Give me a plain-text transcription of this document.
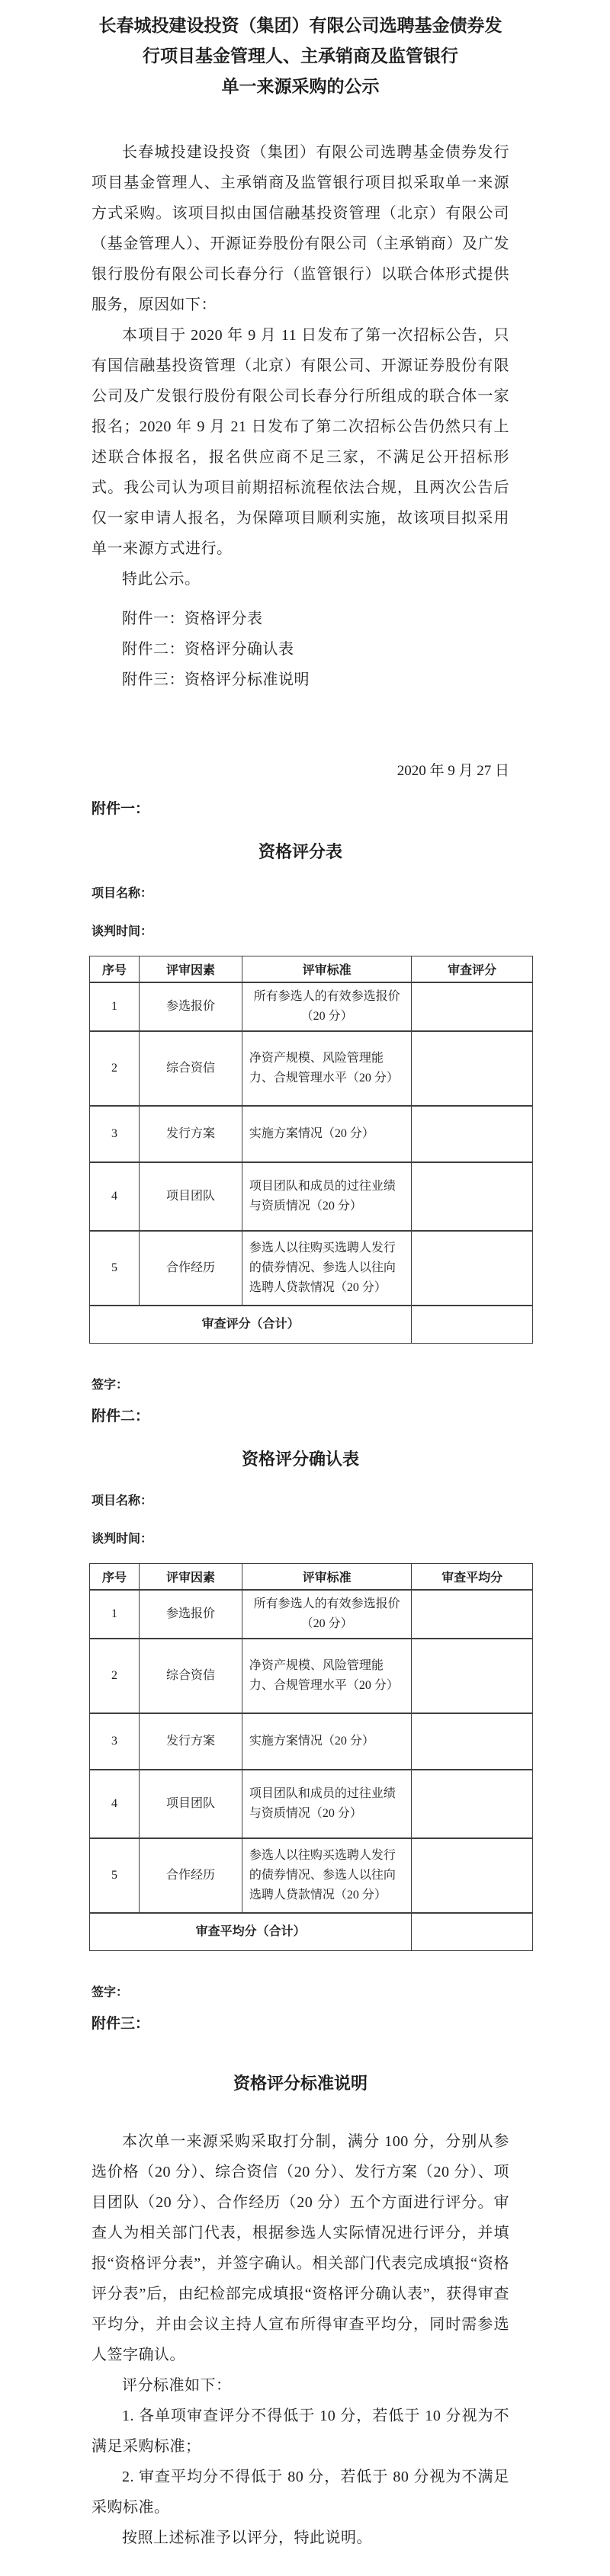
长春城投建设投资（集团）有限公司选聘基金债券发
行项目基金管理人、主承销商及监管银行
单一来源采购的公示

长春城投建设投资（集团）有限公司选聘基金债券发行项目基金管理人、主承销商及监管银行项目拟采取单一来源方式采购。该项目拟由国信融基投资管理（北京）有限公司（基金管理人）、开源证券股份有限公司（主承销商）及广发银行股份有限公司长春分行（监管银行）以联合体形式提供服务，原因如下：

本项目于 2020 年 9 月 11 日发布了第一次招标公告，只有国信融基投资管理（北京）有限公司、开源证券股份有限公司及广发银行股份有限公司长春分行所组成的联合体一家报名；2020 年 9 月 21 日发布了第二次招标公告仍然只有上述联合体报名，报名供应商不足三家，不满足公开招标形式。我公司认为项目前期招标流程依法合规，且两次公告后仅一家申请人报名，为保障项目顺利实施，故该项目拟采用单一来源方式进行。

特此公示。

附件一：资格评分表

附件二：资格评分确认表

附件三：资格评分标准说明

2020 年 9 月 27 日
附件一：
资格评分表
项目名称：
谈判时间：
序号	评审因素	评审标准	审查评分
1	参选报价	所有参选人的有效参选报价（20 分）	
2	综合资信	净资产规模、风险管理能力、合规管理水平（20 分）	
3	发行方案	实施方案情况（20 分）	
4	项目团队	项目团队和成员的过往业绩与资质情况（20 分）	
5	合作经历	参选人以往购买选聘人发行的债券情况、参选人以往向选聘人贷款情况（20 分）	
审查评分（合计）			
签字：
附件二：
资格评分确认表
项目名称：
谈判时间：
序号	评审因素	评审标准	审查平均分
1	参选报价	所有参选人的有效参选报价（20 分）	
2	综合资信	净资产规模、风险管理能力、合规管理水平（20 分）	
3	发行方案	实施方案情况（20 分）	
4	项目团队	项目团队和成员的过往业绩与资质情况（20 分）	
5	合作经历	参选人以往购买选聘人发行的债券情况、参选人以往向选聘人贷款情况（20 分）	
审查平均分（合计）			
签字：
附件三：
资格评分标准说明

本次单一来源采购采取打分制，满分 100 分，分别从参选价格（20 分）、综合资信（20 分）、发行方案（20 分）、项目团队（20 分）、合作经历（20 分）五个方面进行评分。审查人为相关部门代表，根据参选人实际情况进行评分，并填报“资格评分表”，并签字确认。相关部门代表完成填报“资格评分表”后，由纪检部完成填报“资格评分确认表”，获得审查平均分，并由会议主持人宣布所得审查平均分，同时需参选人签字确认。

评分标准如下：

1. 各单项审查评分不得低于 10 分，若低于 10 分视为不满足采购标准；

2. 审查平均分不得低于 80 分，若低于 80 分视为不满足采购标准。

按照上述标准予以评分，特此说明。
